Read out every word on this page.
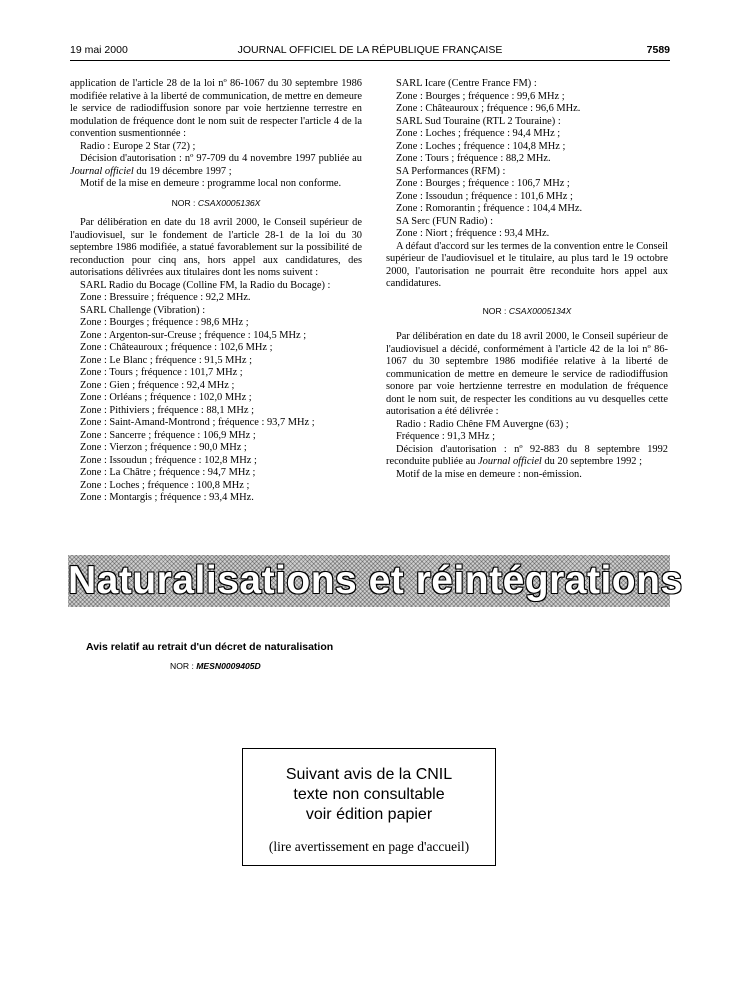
19 mai 2000	JOURNAL OFFICIEL DE LA RÉPUBLIQUE FRANÇAISE	7589

application de l'article 28 de la loi nº 86-1067 du 30 septembre 1986 modifiée relative à la liberté de communication, de mettre en demeure le service de radiodiffusion sonore par voie hertzienne terrestre en modulation de fréquence dont le nom suit de respecter l'article 4 de la convention susmentionnée :

Radio : Europe 2 Star (72) ;

Décision d'autorisation : nº 97-709 du 4 novembre 1997 publiée au Journal officiel du 19 décembre 1997 ;

Motif de la mise en demeure : programme local non conforme.

NOR : CSAX0005136X

Par délibération en date du 18 avril 2000, le Conseil supérieur de l'audiovisuel, sur le fondement de l'article 28-1 de la loi du 30 septembre 1986 modifiée, a statué favorablement sur la possibilité de reconduction pour cinq ans, hors appel aux candidatures, des autorisations délivrées aux titulaires dont les noms suivent :

SARL Radio du Bocage (Colline FM, la Radio du Bocage) :

Zone : Bressuire ; fréquence : 92,2 MHz.

SARL Challenge (Vibration) :

Zone : Bourges ; fréquence : 98,6 MHz ;

Zone : Argenton-sur-Creuse ; fréquence : 104,5 MHz ;

Zone : Châteauroux ; fréquence : 102,6 MHz ;

Zone : Le Blanc ; fréquence : 91,5 MHz ;

Zone : Tours ; fréquence : 101,7 MHz ;

Zone : Gien ; fréquence : 92,4 MHz ;

Zone : Orléans ; fréquence : 102,0 MHz ;

Zone : Pithiviers ; fréquence : 88,1 MHz ;

Zone : Saint-Amand-Montrond ; fréquence : 93,7 MHz ;

Zone : Sancerre ; fréquence : 106,9 MHz ;

Zone : Vierzon ; fréquence : 90,0 MHz ;

Zone : Issoudun ; fréquence : 102,8 MHz ;

Zone : La Châtre ; fréquence : 94,7 MHz ;

Zone : Loches ; fréquence : 100,8 MHz ;

Zone : Montargis ; fréquence : 93,4 MHz.

SARL Icare (Centre France FM) :

Zone : Bourges ; fréquence : 99,6 MHz ;

Zone : Châteauroux ; fréquence : 96,6 MHz.

SARL Sud Touraine (RTL 2 Touraine) :

Zone : Loches ; fréquence : 94,4 MHz ;

Zone : Loches ; fréquence : 104,8 MHz ;

Zone : Tours ; fréquence : 88,2 MHz.

SA Performances (RFM) :

Zone : Bourges ; fréquence : 106,7 MHz ;

Zone : Issoudun ; fréquence : 101,6 MHz ;

Zone : Romorantin ; fréquence : 104,4 MHz.

SA Serc (FUN Radio) :

Zone : Niort ; fréquence : 93,4 MHz.

A défaut d'accord sur les termes de la convention entre le Conseil supérieur de l'audiovisuel et le titulaire, au plus tard le 19 octobre 2000, l'autorisation ne pourrait être reconduite hors appel aux candidatures.

NOR : CSAX0005134X

Par délibération en date du 18 avril 2000, le Conseil supérieur de l'audiovisuel a décidé, conformément à l'article 42 de la loi nº 86-1067 du 30 septembre 1986 modifiée relative à la liberté de communication de mettre en demeure le service de radiodiffusion sonore par voie hertzienne terrestre en modulation de fréquence dont le nom suit, de respecter les conditions au vu desquelles cette autorisation a été délivrée :

Radio : Radio Chêne FM Auvergne (63) ;

Fréquence : 91,3 MHz ;

Décision d'autorisation : nº 92-883 du 8 septembre 1992 reconduite publiée au Journal officiel du 20 septembre 1992 ;

Motif de la mise en demeure : non-émission.

Naturalisations et réintégrations
Avis relatif au retrait d'un décret de naturalisation
NOR : MESN0009405D
Suivant avis de la CNIL
texte non consultable
voir édition papier
(lire avertissement en page d'accueil)
